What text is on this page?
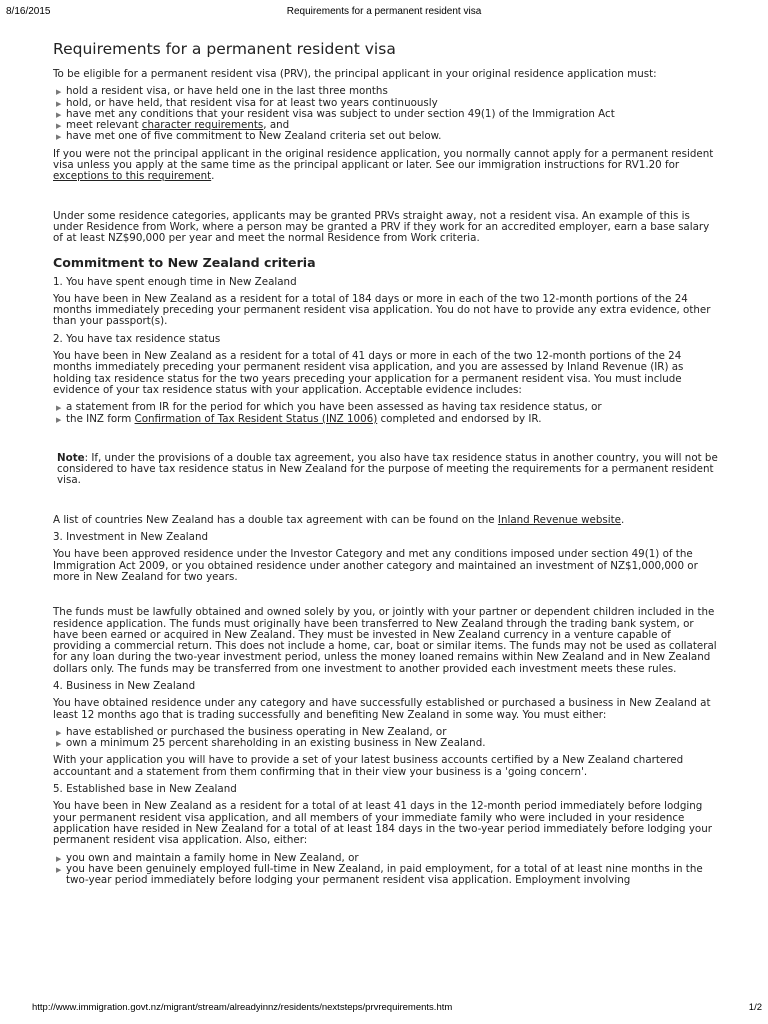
8/16/2015	Requirements for a permanent resident visa
Requirements for a permanent resident visa

To be eligible for a permanent resident visa (PRV), the principal applicant in your original residence application must:

▶ hold a resident visa, or have held one in the last three months
▶ hold, or have held, that resident visa for at least two years continuously
▶ have met any conditions that your resident visa was subject to under section 49(1) of the Immigration Act
▶ meet relevant character requirements, and
▶ have met one of five commitment to New Zealand criteria set out below.

If you were not the principal applicant in the original residence application, you normally cannot apply for a permanent resident visa unless you apply at the same time as the principal applicant or later. See our immigration instructions for RV1.20 for exceptions to this requirement.

Under some residence categories, applicants may be granted PRVs straight away, not a resident visa. An example of this is under Residence from Work, where a person may be granted a PRV if they work for an accredited employer, earn a base salary of at least NZ$90,000 per year and meet the normal Residence from Work criteria.

Commitment to New Zealand criteria

1. You have spent enough time in New Zealand

You have been in New Zealand as a resident for a total of 184 days or more in each of the two 12-month portions of the 24 months immediately preceding your permanent resident visa application. You do not have to provide any extra evidence, other than your passport(s).

2. You have tax residence status

You have been in New Zealand as a resident for a total of 41 days or more in each of the two 12-month portions of the 24 months immediately preceding your permanent resident visa application, and you are assessed by Inland Revenue (IR) as holding tax residence status for the two years preceding your application for a permanent resident visa. You must include evidence of your tax residence status with your application. Acceptable evidence includes:

▶ a statement from IR for the period for which you have been assessed as having tax residence status, or
▶ the INZ form Confirmation of Tax Resident Status (INZ 1006) completed and endorsed by IR.

Note: If, under the provisions of a double tax agreement, you also have tax residence status in another country, you will not be considered to have tax residence status in New Zealand for the purpose of meeting the requirements for a permanent resident visa.

A list of countries New Zealand has a double tax agreement with can be found on the Inland Revenue website.

3. Investment in New Zealand

You have been approved residence under the Investor Category and met any conditions imposed under section 49(1) of the Immigration Act 2009, or you obtained residence under another category and maintained an investment of NZ$1,000,000 or more in New Zealand for two years.

The funds must be lawfully obtained and owned solely by you, or jointly with your partner or dependent children included in the residence application. The funds must originally have been transferred to New Zealand through the trading bank system, or have been earned or acquired in New Zealand. They must be invested in New Zealand currency in a venture capable of providing a commercial return. This does not include a home, car, boat or similar items. The funds may not be used as collateral for any loan during the two-year investment period, unless the money loaned remains within New Zealand and in New Zealand dollars only. The funds may be transferred from one investment to another provided each investment meets these rules.

4. Business in New Zealand

You have obtained residence under any category and have successfully established or purchased a business in New Zealand at least 12 months ago that is trading successfully and benefiting New Zealand in some way. You must either:

▶ have established or purchased the business operating in New Zealand, or
▶ own a minimum 25 percent shareholding in an existing business in New Zealand.

With your application you will have to provide a set of your latest business accounts certified by a New Zealand chartered accountant and a statement from them confirming that in their view your business is a 'going concern'.

5. Established base in New Zealand

You have been in New Zealand as a resident for a total of at least 41 days in the 12-month period immediately before lodging your permanent resident visa application, and all members of your immediate family who were included in your residence application have resided in New Zealand for a total of at least 184 days in the two-year period immediately before lodging your permanent resident visa application. Also, either:

▶ you own and maintain a family home in New Zealand, or
▶ you have been genuinely employed full-time in New Zealand, in paid employment, for a total of at least nine months in the two-year period immediately before lodging your permanent resident visa application. Employment involving
http://www.immigration.govt.nz/migrant/stream/alreadyinnz/residents/nextsteps/prvrequirements.htm	1/2
